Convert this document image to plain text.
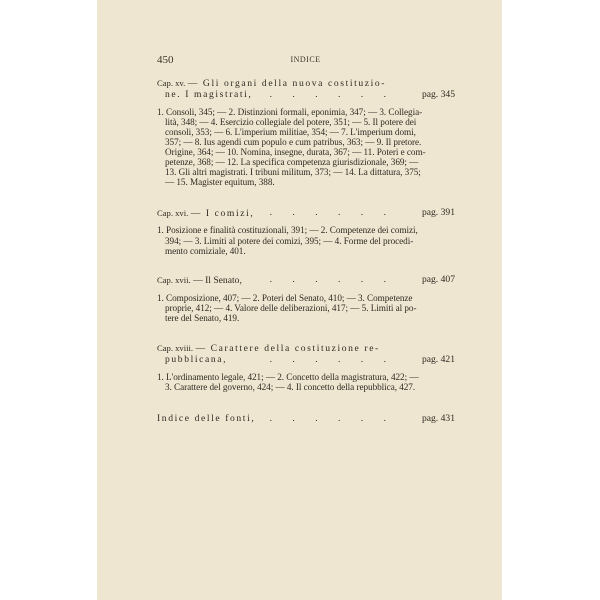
450	INDICE
Cap. xv. — Gli organi della nuova costituzio-
ne. I magistrati, . . . . . .	pag. 345
1. Consoli, 345; — 2. Distinzioni formali, eponimia, 347; — 3. Collegia-
lità, 348; — 4. Esercizio collegiale del potere, 351; — 5. Il potere dei
consoli, 353; — 6. L'imperium militiae, 354; — 7. L'imperium domi,
357; — 8. Ius agendi cum populo e cum patribus, 363; — 9. Il pretore.
Origine, 364; — 10. Nomina, insegne, durata, 367; — 11. Poteri e com-
petenze, 368; — 12. La specifica competenza giurisdizionale, 369; —
13. Gli altri magistrati. I tribuni militum, 373; — 14. La dittatura, 375;
— 15. Magister equitum, 388.
Cap. xvi. — I comizi, . . . . . .	pag. 391
1. Posizione e finalità costituzionali, 391; — 2. Competenze dei comizi,
394; — 3. Limiti al potere dei comizi, 395; — 4. Forme del procedi-
mento comiziale, 401.
Cap. xvii. — Il Senato,	. . . . . .	pag. 407
1. Composizione, 407; — 2. Poteri del Senato, 410; — 3. Competenze
proprie, 412; — 4. Valore delle deliberazioni, 417; — 5. Limiti al po-
tere del Senato, 419.
Cap. xviii. — Carattere della costituzione re-
pubblicana,	. . . . . .	pag. 421
1. L'ordinamento legale, 421; — 2. Concetto della magistratura, 422; —
3. Carattere del governo, 424; — 4. Il concetto della repubblica, 427.
Indice delle fonti, . . . . . .	pag. 431
